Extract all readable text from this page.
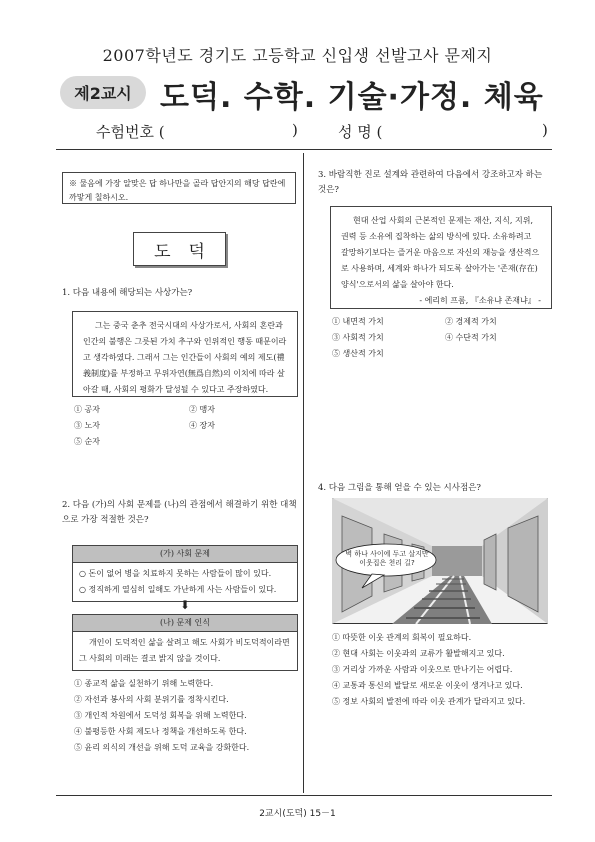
2007학년도 경기도 고등학교 신입생 선발고사 문제지
제2교시 도덕. 수학. 기술·가정. 체육
수험번호 (	)	성 명 (	)
※ 물음에 가장 알맞은 답 하나만을 골라 답안지의 해당 답란에 까맣게 칠하시오.
도덕
1. 다음 내용에 해당되는 사상가는?
그는 중국 춘추 전국시대의 사상가로서, 사회의 혼란과 인간의 불행은 그릇된 가치 추구와 인위적인 행동 때문이라고 생각하였다. 그래서 그는 인간들이 사회의 예의 제도(禮義制度)를 부정하고 무위자연(無爲自然)의 이치에 따라 살아갈 때, 사회의 평화가 달성될 수 있다고 주장하였다.
① 공자	② 맹자
③ 노자	④ 장자
⑤ 순자
2. 다음 (가)의 사회 문제를 (나)의 관점에서 해결하기 위한 대책으로 가장 적절한 것은?
(가) 사회 문제
○ 돈이 없어 병을 치료하지 못하는 사람들이 많이 있다.
○ 정직하게 열심히 일해도 가난하게 사는 사람들이 있다.
⬇
(나) 문제 인식
개인이 도덕적인 삶을 살려고 해도 사회가 비도덕적이라면 그 사회의 미래는 결코 밝지 않을 것이다.
① 종교적 삶을 실천하기 위해 노력한다.
② 자선과 봉사의 사회 분위기를 정착시킨다.
③ 개인적 차원에서 도덕성 회복을 위해 노력한다.
④ 불평등한 사회 제도나 정책을 개선하도록 한다.
⑤ 윤리 의식의 개선을 위해 도덕 교육을 강화한다.
3. 바람직한 진로 설계와 관련하여 다음에서 강조하고자 하는 것은?
현대 산업 사회의 근본적인 문제는 재산, 지식, 지위, 권력 등 소유에 집착하는 삶의 방식에 있다. 소유하려고 갈망하기보다는 즐거운 마음으로 자신의 재능을 생산적으로 사용하며, 세계와 하나가 되도록 살아가는 '존재(存在) 양식'으로서의 삶을 살아야 한다.
- 에리히 프롬, 『소유냐 존재냐』 -
① 내면적 가치	② 경제적 가치
③ 사회적 가치	④ 수단적 가치
⑤ 생산적 가치
4. 다음 그림을 통해 얻을 수 있는 시사점은?
벽 하나 사이에 두고 살지만 이웃집은 천리 길?
① 따뜻한 이웃 관계의 회복이 필요하다.
② 현대 사회는 이웃과의 교류가 활발해지고 있다.
③ 거리상 가까운 사람과 이웃으로 만나기는 어렵다.
④ 교통과 통신의 발달로 새로운 이웃이 생겨나고 있다.
⑤ 정보 사회의 발전에 따라 이웃 관계가 달라지고 있다.
2교시(도덕) 15－1
